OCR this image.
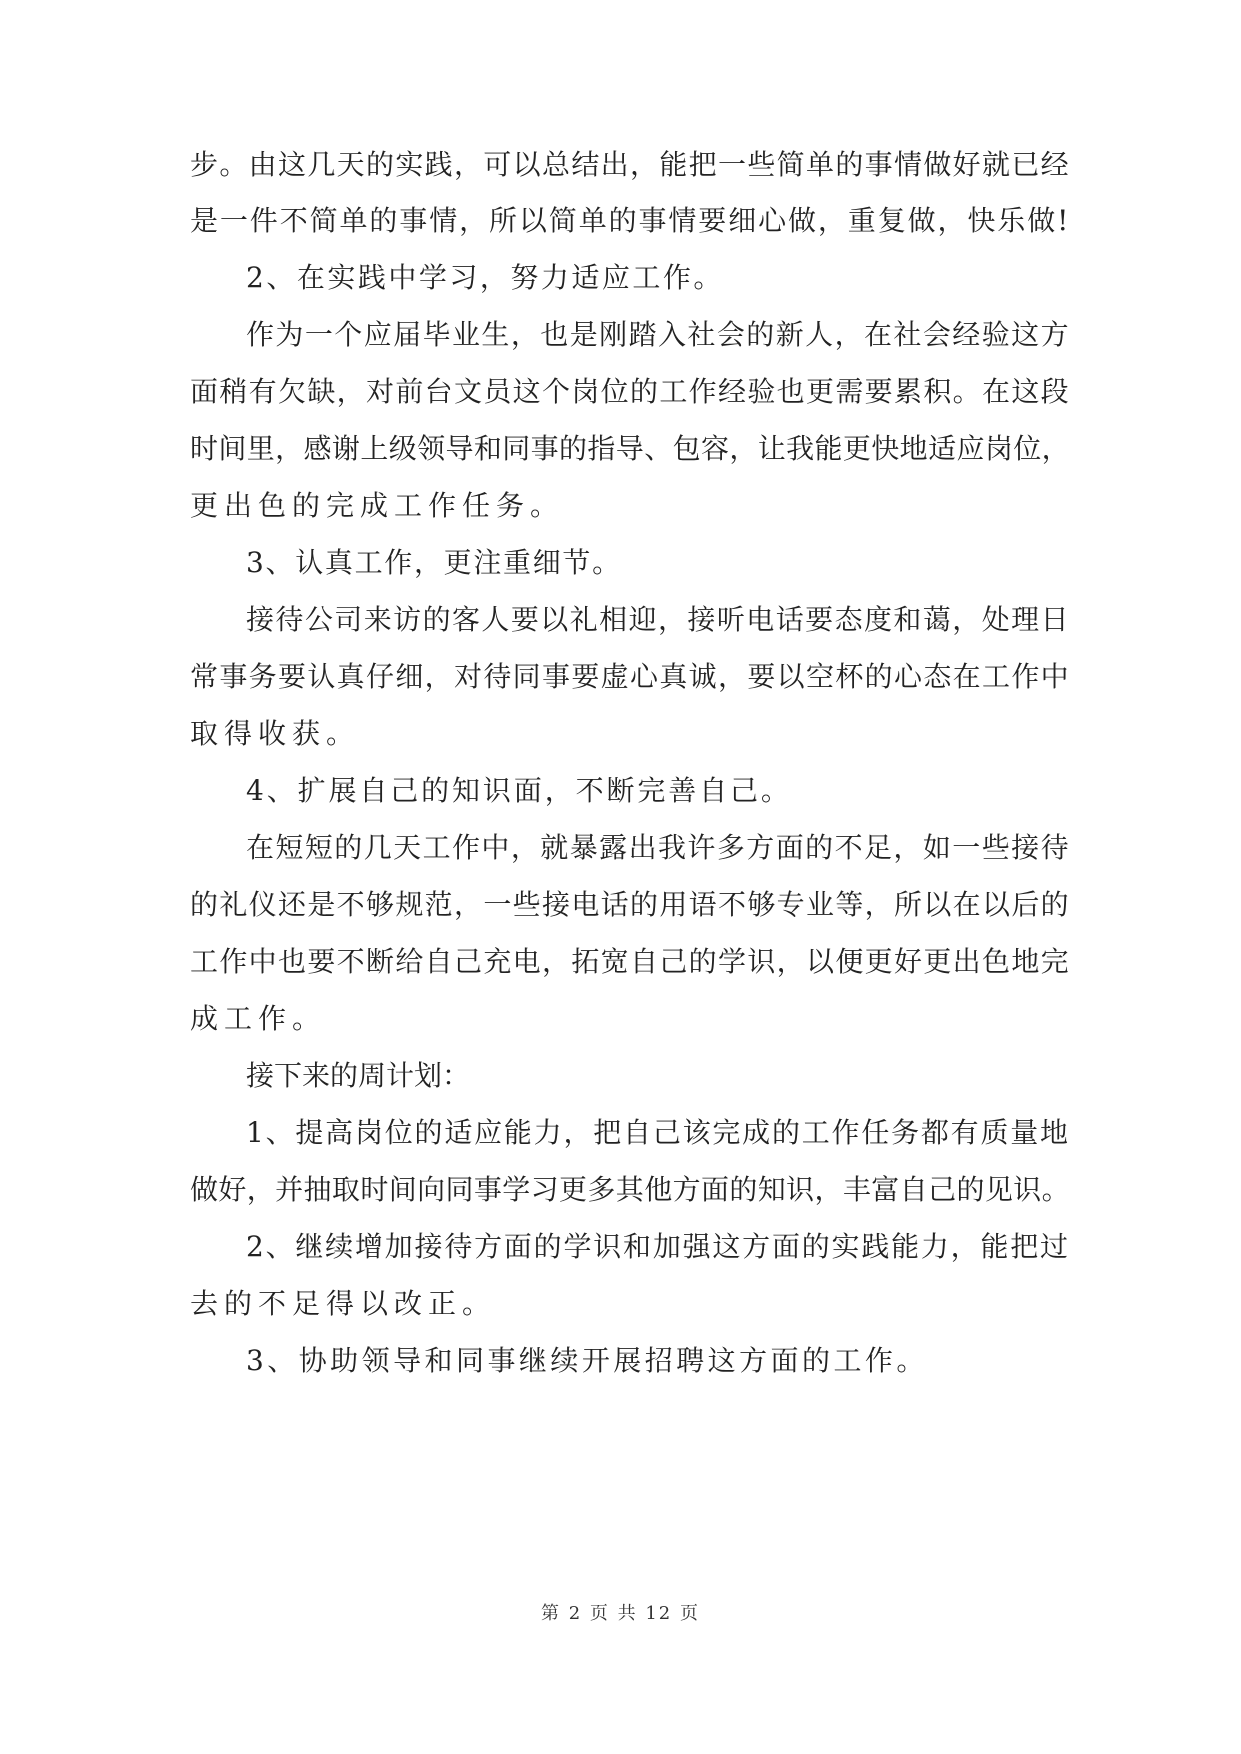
步。由这几天的实践，可以总结出，能把一些简单的事情做好就已经
是一件不简单的事情，所以简单的事情要细心做，重复做，快乐做!
2、在实践中学习，努力适应工作。
作为一个应届毕业生，也是刚踏入社会的新人，在社会经验这方
面稍有欠缺，对前台文员这个岗位的工作经验也更需要累积。在这段
时间里，感谢上级领导和同事的指导、包容，让我能更快地适应岗位，
更出色的完成工作任务。
3、认真工作，更注重细节。
接待公司来访的客人要以礼相迎，接听电话要态度和蔼，处理日
常事务要认真仔细，对待同事要虚心真诚，要以空杯的心态在工作中
取得收获。
4、扩展自己的知识面，不断完善自己。
在短短的几天工作中，就暴露出我许多方面的不足，如一些接待
的礼仪还是不够规范，一些接电话的用语不够专业等，所以在以后的
工作中也要不断给自己充电，拓宽自己的学识，以便更好更出色地完
成工作。
接下来的周计划：
1、提高岗位的适应能力，把自己该完成的工作任务都有质量地
做好，并抽取时间向同事学习更多其他方面的知识，丰富自己的见识。
2、继续增加接待方面的学识和加强这方面的实践能力，能把过
去的不足得以改正。
3、协助领导和同事继续开展招聘这方面的工作。
第 2 页 共 12 页
